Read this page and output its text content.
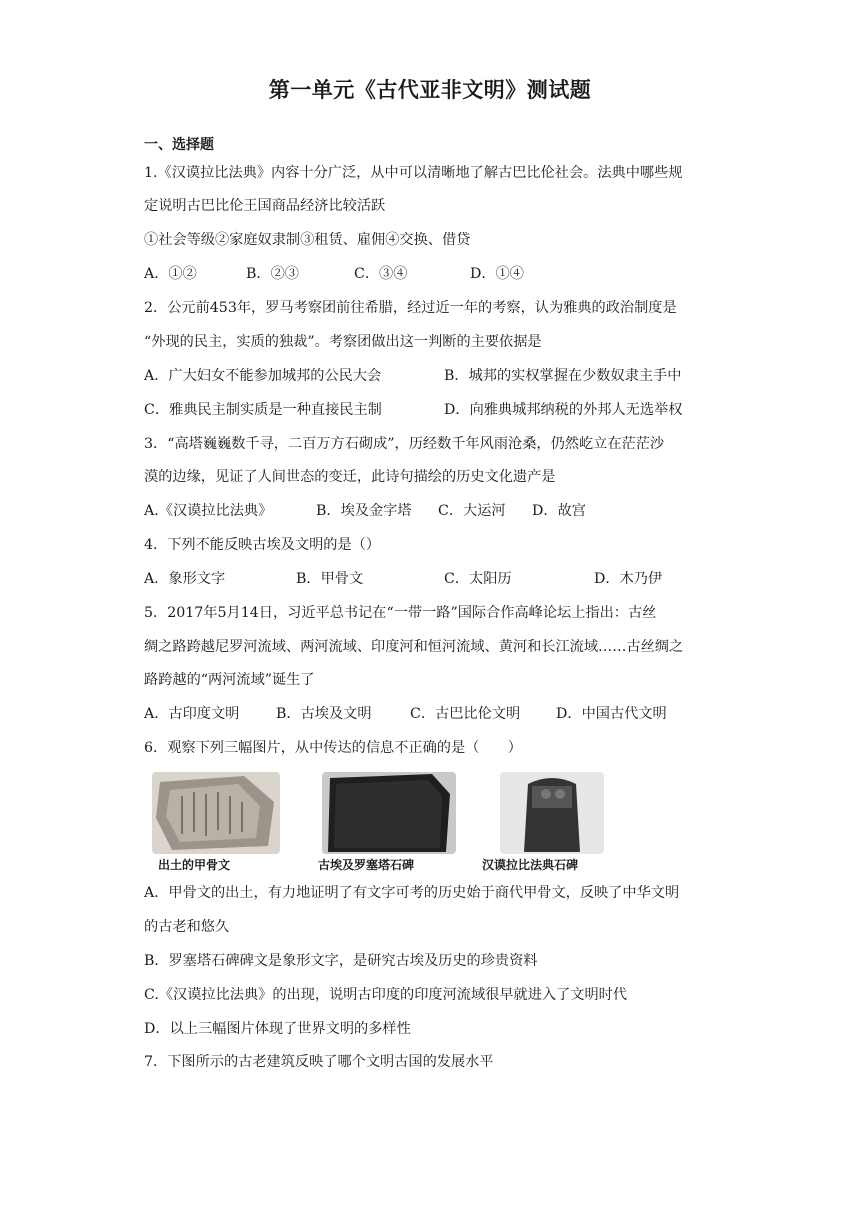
第一单元《古代亚非文明》测试题
一、选择题
1.《汉谟拉比法典》内容十分广泛，从中可以清晰地了解古巴比伦社会。法典中哪些规
定说明古巴比伦王国商品经济比较活跃
①社会等级②家庭奴隶制③租赁、雇佣④交换、借贷
A．①②	B．②③	C．③④	D．①④
2．公元前453年，罗马考察团前往希腊，经过近一年的考察，认为雅典的政治制度是
“外现的民主，实质的独裁”。考察团做出这一判断的主要依据是
A．广大妇女不能参加城邦的公民大会	B．城邦的实权掌握在少数奴隶主手中
C．雅典民主制实质是一种直接民主制	D．向雅典城邦纳税的外邦人无选举权
3．“高塔巍巍数千寻，二百万方石砌成”，历经数千年风雨沧桑，仍然屹立在茫茫沙
漠的边缘，见证了人间世态的变迁，此诗句描绘的历史文化遗产是
A.《汉谟拉比法典》	B．埃及金字塔 C．大运河 D．故宫
4．下列不能反映古埃及文明的是（）
A．象形文字	B．甲骨文	C．太阳历	D．木乃伊
5．2017年5月14日，习近平总书记在“一带一路”国际合作高峰论坛上指出：古丝
绸之路跨越尼罗河流域、两河流域、印度河和恒河流域、黄河和长江流域……古丝绸之
路跨越的“两河流域”诞生了
A．古印度文明	B．古埃及文明	C．古巴比伦文明	D．中国古代文明
6．观察下列三幅图片，从中传达的信息不正确的是（　　）
出土的甲骨文	古埃及罗塞塔石碑	汉谟拉比法典石碑
A．甲骨文的出土，有力地证明了有文字可考的历史始于商代甲骨文，反映了中华文明
的古老和悠久
B．罗塞塔石碑碑文是象形文字，是研究古埃及历史的珍贵资料
C.《汉谟拉比法典》的出现，说明古印度的印度河流域很早就进入了文明时代
D．以上三幅图片体现了世界文明的多样性
7．下图所示的古老建筑反映了哪个文明古国的发展水平
